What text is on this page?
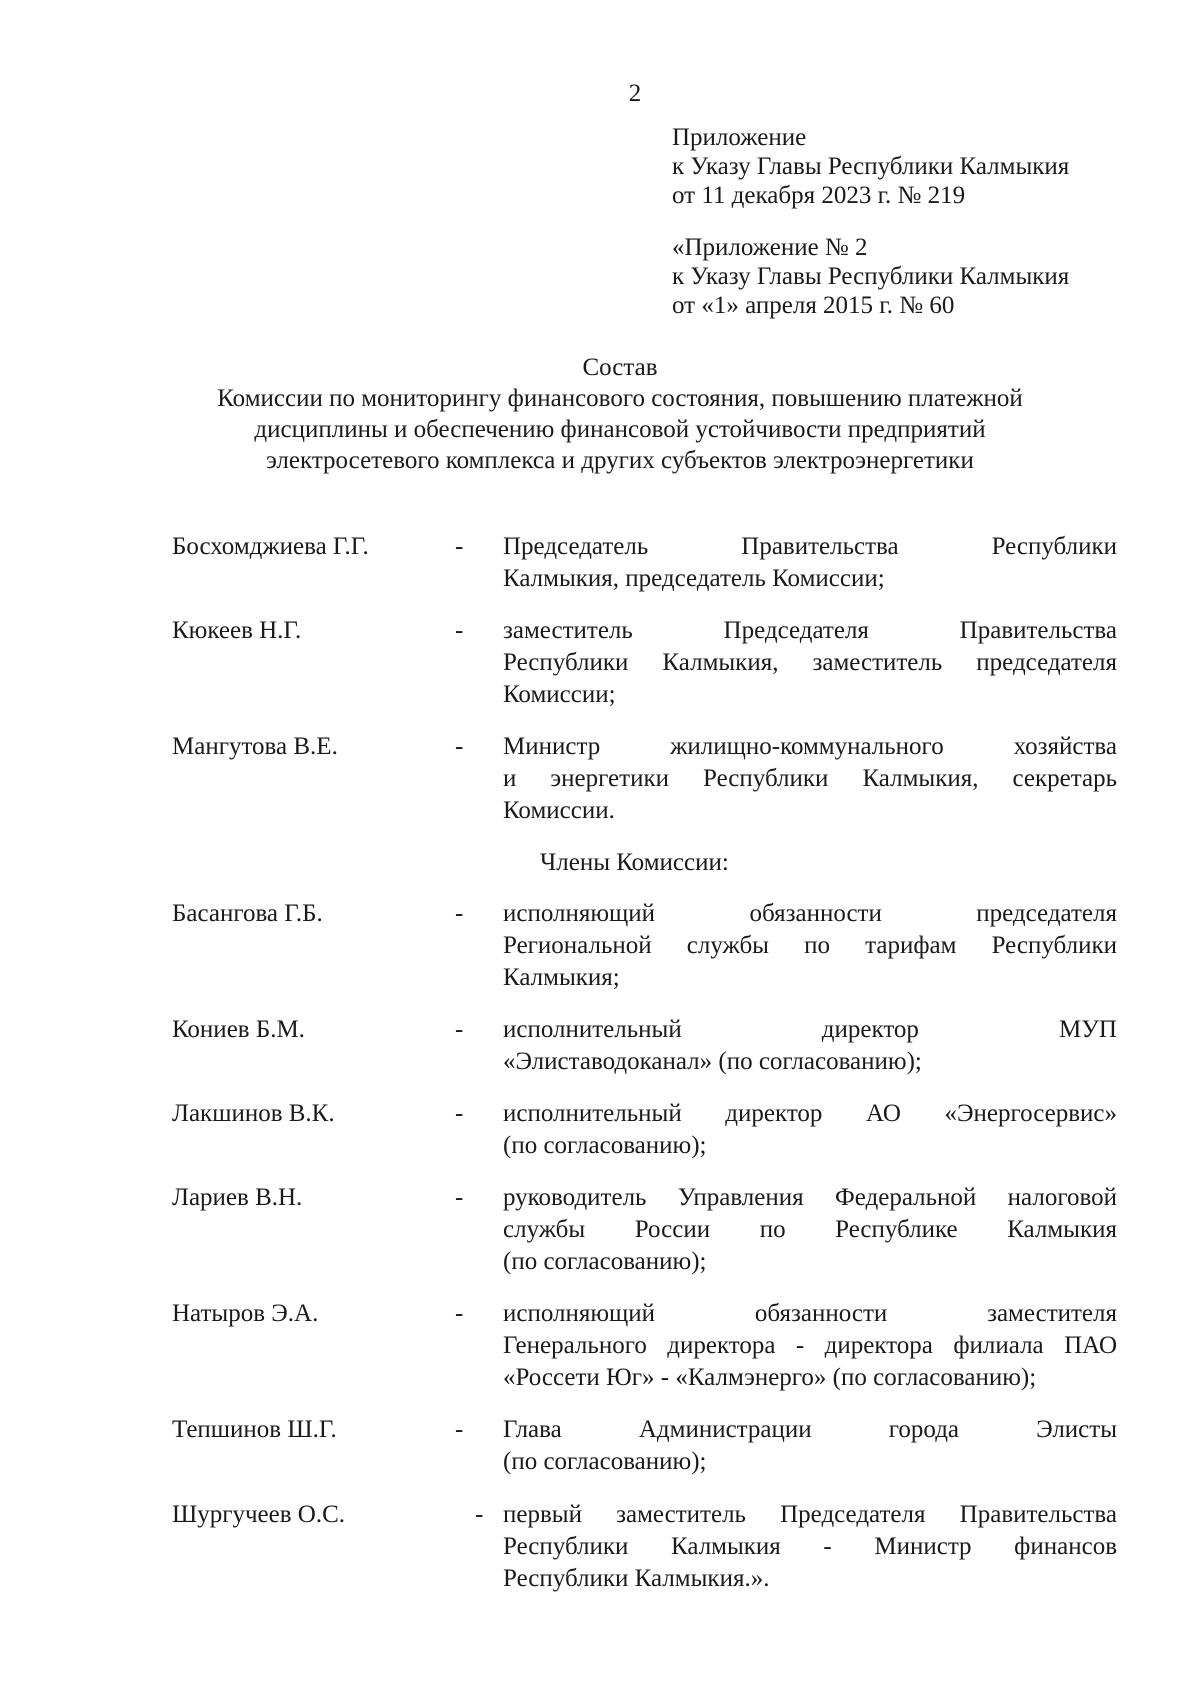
2
Приложение
к Указу Главы Республики Калмыкия
от 11 декабря 2023 г. № 219
«Приложение № 2
к Указу Главы Республики Калмыкия
от «1» апреля 2015 г. № 60
Состав
Комиссии по мониторингу финансового состояния, повышению платежной
дисциплины и обеспечению финансовой устойчивости предприятий
электросетевого комплекса и других субъектов электроэнергетики
Босхомджиева Г.Г.	- Председатель Правительства Республики
Калмыкия, председатель Комиссии;
Кюкеев Н.Г.	- заместитель Председателя Правительства
Республики Калмыкия, заместитель председателя
Комиссии;
Мангутова В.Е.	- Министр жилищно-коммунального хозяйства
и энергетики Республики Калмыкия, секретарь
Комиссии.
Члены Комиссии:
Басангова Г.Б.	- исполняющий обязанности председателя
Региональной службы по тарифам Республики
Калмыкия;
Кониев Б.М.	- исполнительный директор МУП
«Элиставодоканал» (по согласованию);
Лакшинов В.К.	- исполнительный директор АО «Энергосервис»
(по согласованию);
Лариев В.Н.	- руководитель Управления Федеральной налоговой
службы России по Республике Калмыкия
(по согласованию);
Натыров Э.А.	- исполняющий обязанности заместителя
Генерального директора - директора филиала ПАО
«Россети Юг» - «Калмэнерго» (по согласованию);
Тепшинов Ш.Г.	- Глава Администрации города Элисты
(по согласованию);
Шургучеев О.С.	- первый заместитель Председателя Правительства
Республики Калмыкия - Министр финансов
Республики Калмыкия.».
